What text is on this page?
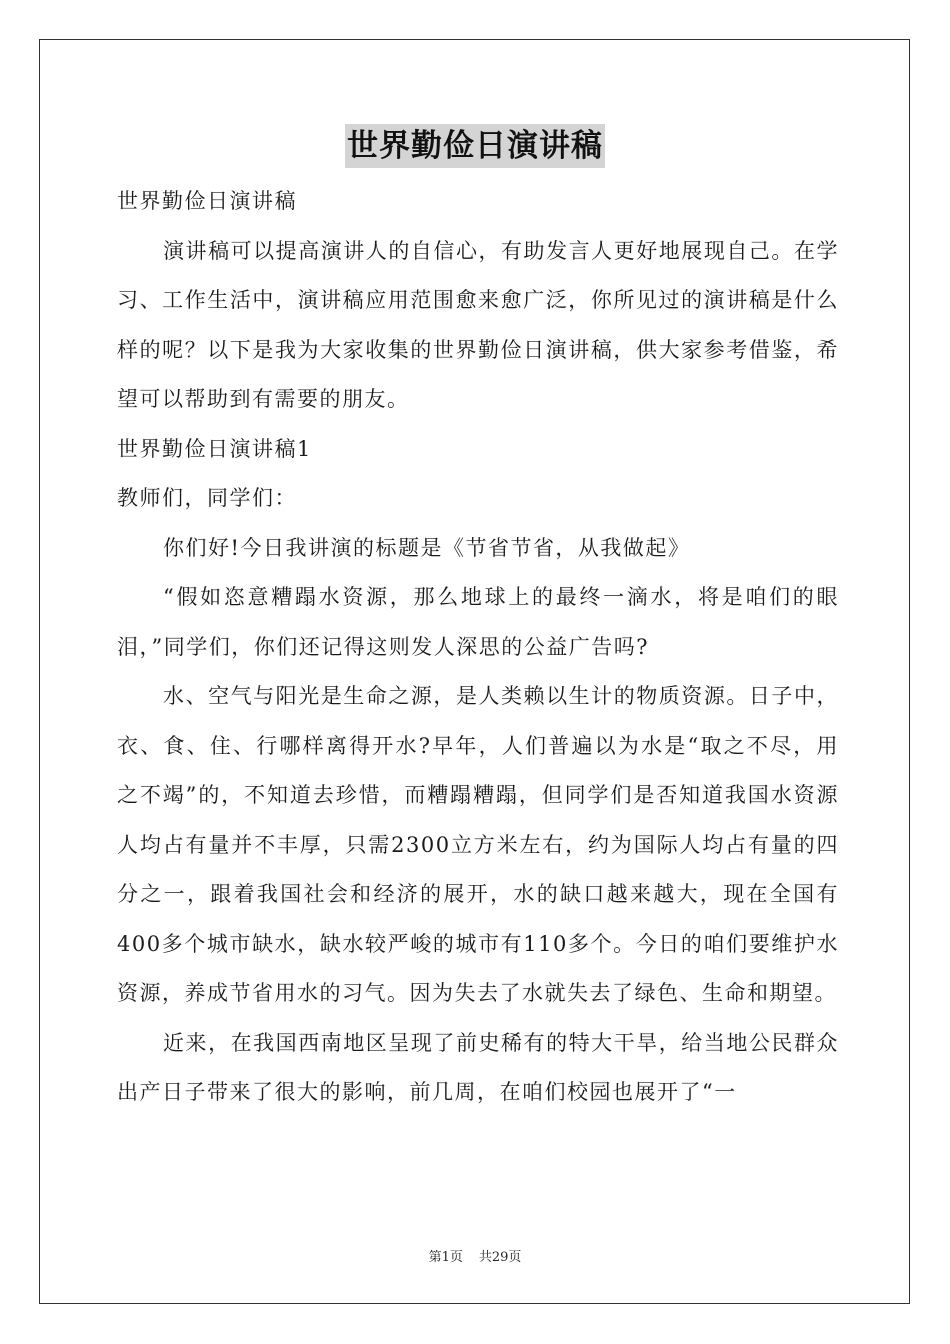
世界勤俭日演讲稿

世界勤俭日演讲稿

演讲稿可以提高演讲人的自信心，有助发言人更好地展现自己。在学习、工作生活中，演讲稿应用范围愈来愈广泛，你所见过的演讲稿是什么样的呢？以下是我为大家收集的世界勤俭日演讲稿，供大家参考借鉴，希望可以帮助到有需要的朋友。

世界勤俭日演讲稿1

教师们，同学们：

你们好!今日我讲演的标题是《节省节省，从我做起》

“假如恣意糟蹋水资源，那么地球上的最终一滴水，将是咱们的眼泪，”同学们，你们还记得这则发人深思的公益广告吗?

水、空气与阳光是生命之源，是人类赖以生计的物质资源。日子中，衣、食、住、行哪样离得开水?早年，人们普遍以为水是“取之不尽，用之不竭”的，不知道去珍惜，而糟蹋糟蹋，但同学们是否知道我国水资源人均占有量并不丰厚，只需2300立方米左右，约为国际人均占有量的四分之一，跟着我国社会和经济的展开，水的缺口越来越大，现在全国有400多个城市缺水，缺水较严峻的城市有110多个。今日的咱们要维护水资源，养成节省用水的习气。因为失去了水就失去了绿色、生命和期望。

近来，在我国西南地区呈现了前史稀有的特大干旱，给当地公民群众出产日子带来了很大的影响，前几周，在咱们校园也展开了“一

第1页 共29页
